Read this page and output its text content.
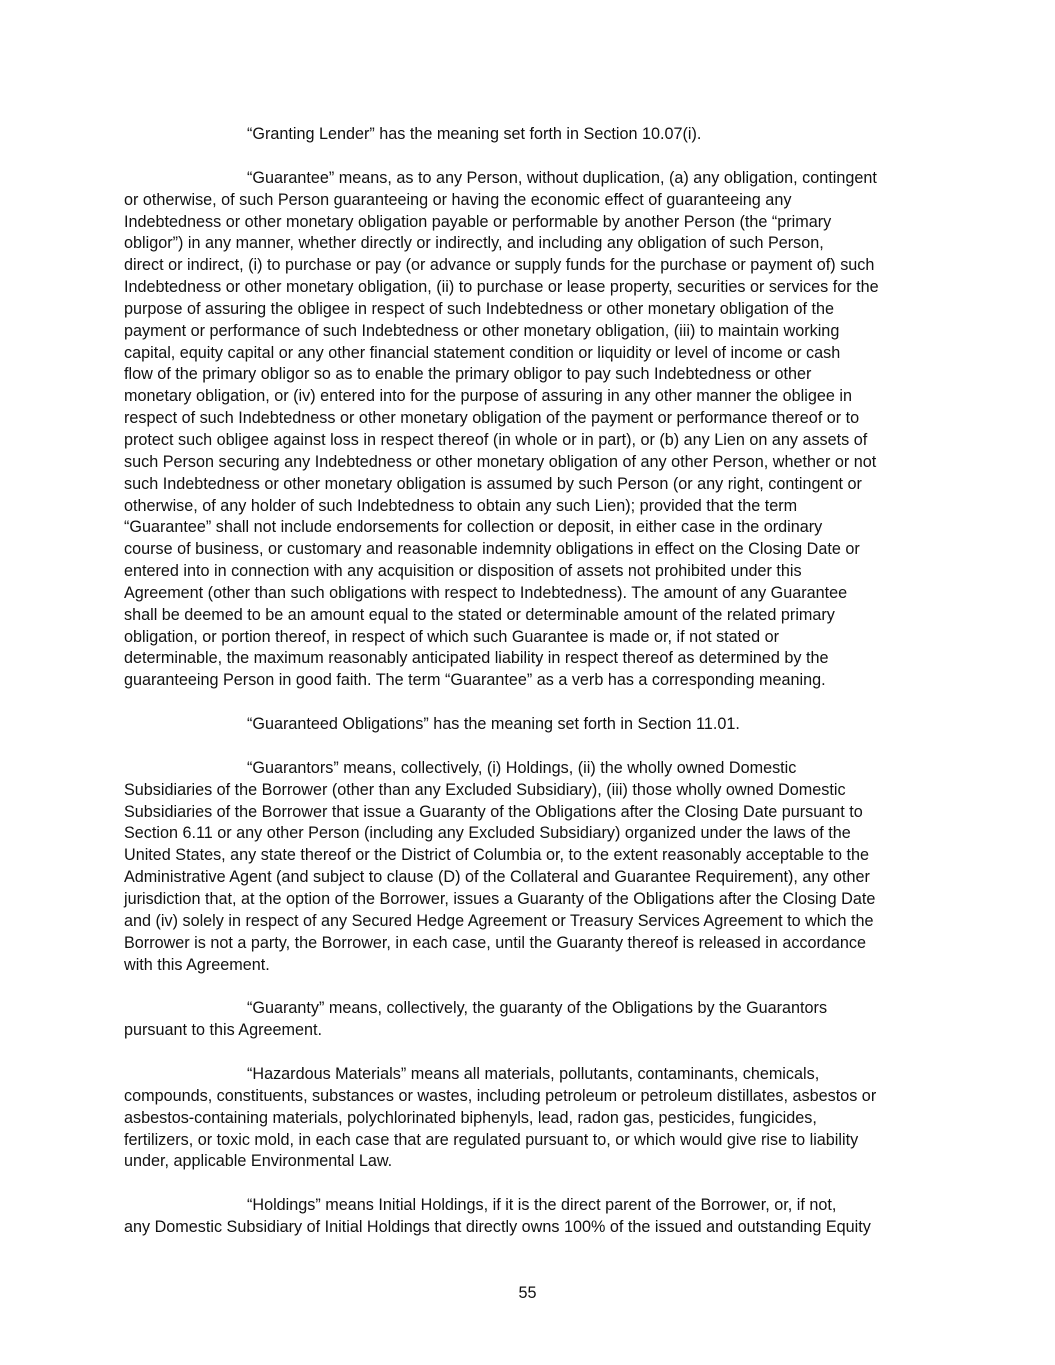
“Granting Lender” has the meaning set forth in Section 10.07(i).

“Guarantee” means, as to any Person, without duplication, (a) any obligation, contingent
or otherwise, of such Person guaranteeing or having the economic effect of guaranteeing any
Indebtedness or other monetary obligation payable or performable by another Person (the “primary
obligor”) in any manner, whether directly or indirectly, and including any obligation of such Person,
direct or indirect, (i) to purchase or pay (or advance or supply funds for the purchase or payment of) such
Indebtedness or other monetary obligation, (ii) to purchase or lease property, securities or services for the
purpose of assuring the obligee in respect of such Indebtedness or other monetary obligation of the
payment or performance of such Indebtedness or other monetary obligation, (iii) to maintain working
capital, equity capital or any other financial statement condition or liquidity or level of income or cash
flow of the primary obligor so as to enable the primary obligor to pay such Indebtedness or other
monetary obligation, or (iv) entered into for the purpose of assuring in any other manner the obligee in
respect of such Indebtedness or other monetary obligation of the payment or performance thereof or to
protect such obligee against loss in respect thereof (in whole or in part), or (b) any Lien on any assets of
such Person securing any Indebtedness or other monetary obligation of any other Person, whether or not
such Indebtedness or other monetary obligation is assumed by such Person (or any right, contingent or
otherwise, of any holder of such Indebtedness to obtain any such Lien); provided that the term
“Guarantee” shall not include endorsements for collection or deposit, in either case in the ordinary
course of business, or customary and reasonable indemnity obligations in effect on the Closing Date or
entered into in connection with any acquisition or disposition of assets not prohibited under this
Agreement (other than such obligations with respect to Indebtedness). The amount of any Guarantee
shall be deemed to be an amount equal to the stated or determinable amount of the related primary
obligation, or portion thereof, in respect of which such Guarantee is made or, if not stated or
determinable, the maximum reasonably anticipated liability in respect thereof as determined by the
guaranteeing Person in good faith. The term “Guarantee” as a verb has a corresponding meaning.

“Guaranteed Obligations” has the meaning set forth in Section 11.01.

“Guarantors” means, collectively, (i) Holdings, (ii) the wholly owned Domestic
Subsidiaries of the Borrower (other than any Excluded Subsidiary), (iii) those wholly owned Domestic
Subsidiaries of the Borrower that issue a Guaranty of the Obligations after the Closing Date pursuant to
Section 6.11 or any other Person (including any Excluded Subsidiary) organized under the laws of the
United States, any state thereof or the District of Columbia or, to the extent reasonably acceptable to the
Administrative Agent (and subject to clause (D) of the Collateral and Guarantee Requirement), any other
jurisdiction that, at the option of the Borrower, issues a Guaranty of the Obligations after the Closing Date
and (iv) solely in respect of any Secured Hedge Agreement or Treasury Services Agreement to which the
Borrower is not a party, the Borrower, in each case, until the Guaranty thereof is released in accordance
with this Agreement.

“Guaranty” means, collectively, the guaranty of the Obligations by the Guarantors
pursuant to this Agreement.

“Hazardous Materials” means all materials, pollutants, contaminants, chemicals,
compounds, constituents, substances or wastes, including petroleum or petroleum distillates, asbestos or
asbestos-containing materials, polychlorinated biphenyls, lead, radon gas, pesticides, fungicides,
fertilizers, or toxic mold, in each case that are regulated pursuant to, or which would give rise to liability
under, applicable Environmental Law.

“Holdings” means Initial Holdings, if it is the direct parent of the Borrower, or, if not,
any Domestic Subsidiary of Initial Holdings that directly owns 100% of the issued and outstanding Equity

55
